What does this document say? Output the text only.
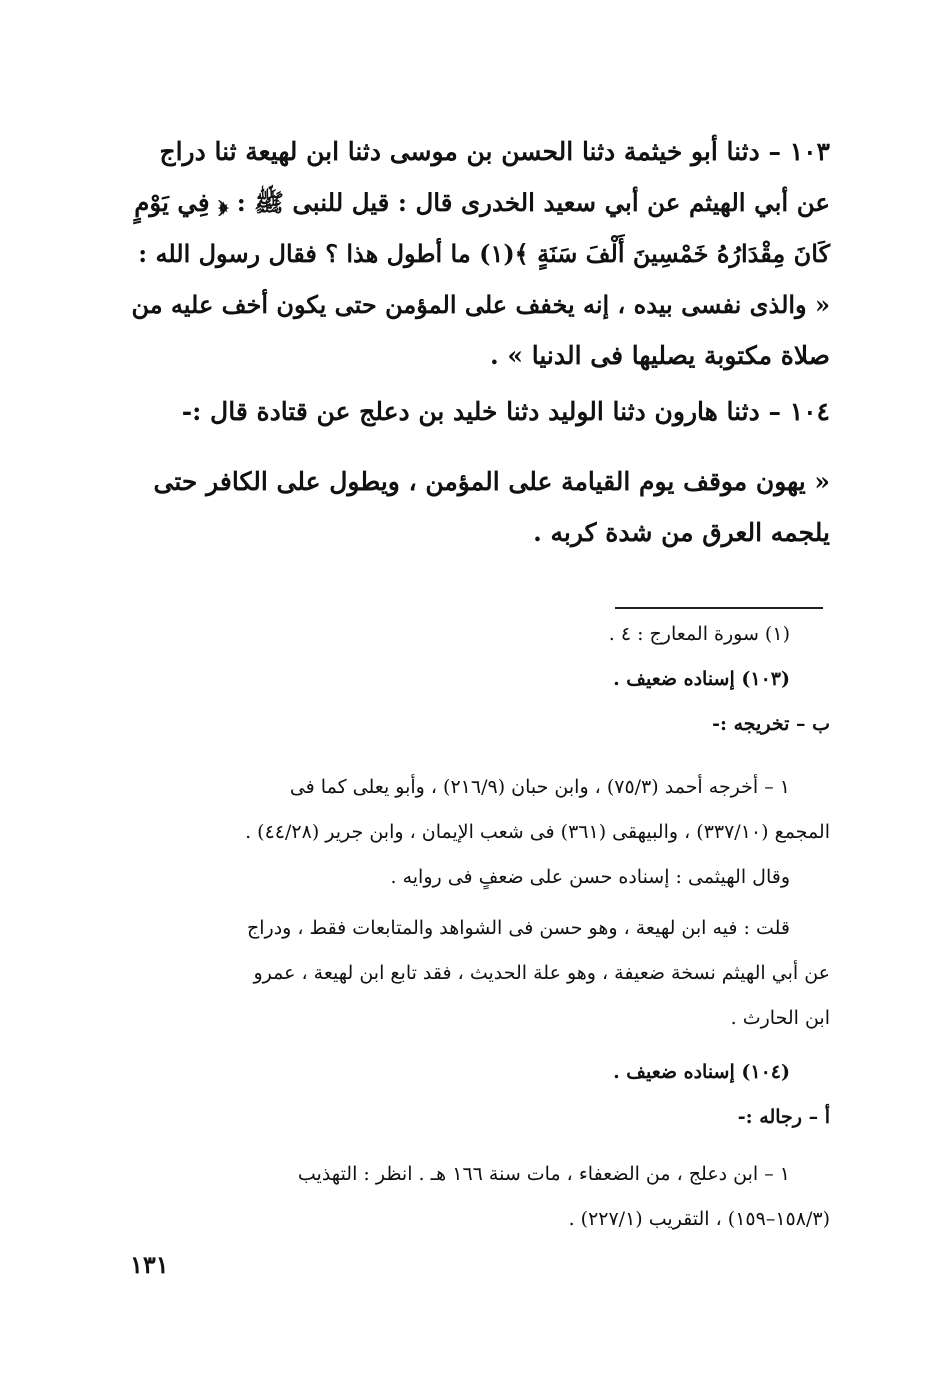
١٠٣ – دثنا أبو خيثمة دثنا الحسن بن موسى دثنا ابن لهيعة ثنا دراج
عن أبي الهيثم عن أبي سعيد الخدرى قال : قيل للنبى ﷺ : ﴿ فِي يَوْمٍ
كَانَ مِقْدَارُهُ خَمْسِينَ أَلْفَ سَنَةٍ ﴾(١) ما أطول هذا ؟ فقال رسول الله :
« والذى نفسى بيده ، إنه يخفف على المؤمن حتى يكون أخف عليه من
صلاة مكتوبة يصليها فى الدنيا » .
١٠٤ – دثنا هارون دثنا الوليد دثنا خليد بن دعلج عن قتادة قال :-
« يهون موقف يوم القيامة على المؤمن ، ويطول على الكافر حتى
يلجمه العرق من شدة كربه .
(١) سورة المعارج : ٤ .
(١٠٣) إسناده ضعيف .
ب – تخريجه :-
١ – أخرجه أحمد (٧٥/٣) ، وابن حبان (٢١٦/٩) ، وأبو يعلى كما فى
المجمع (٣٣٧/١٠) ، والبيهقى (٣٦١) فى شعب الإيمان ، وابن جرير (٤٤/٢٨) .
وقال الهيثمى : إسناده حسن على ضعفٍ فى روايه .
قلت : فيه ابن لهيعة ، وهو حسن فى الشواهد والمتابعات فقط ، ودراج
عن أبي الهيثم نسخة ضعيفة ، وهو علة الحديث ، فقد تابع ابن لهيعة ، عمرو
ابن الحارث .
(١٠٤) إسناده ضعيف .
أ – رجاله :-
١ – ابن دعلج ، من الضعفاء ، مات سنة ١٦٦ هـ . انظر : التهذيب
(١٥٨/٣–١٥٩) ، التقريب (٢٢٧/١) .
١٣١
